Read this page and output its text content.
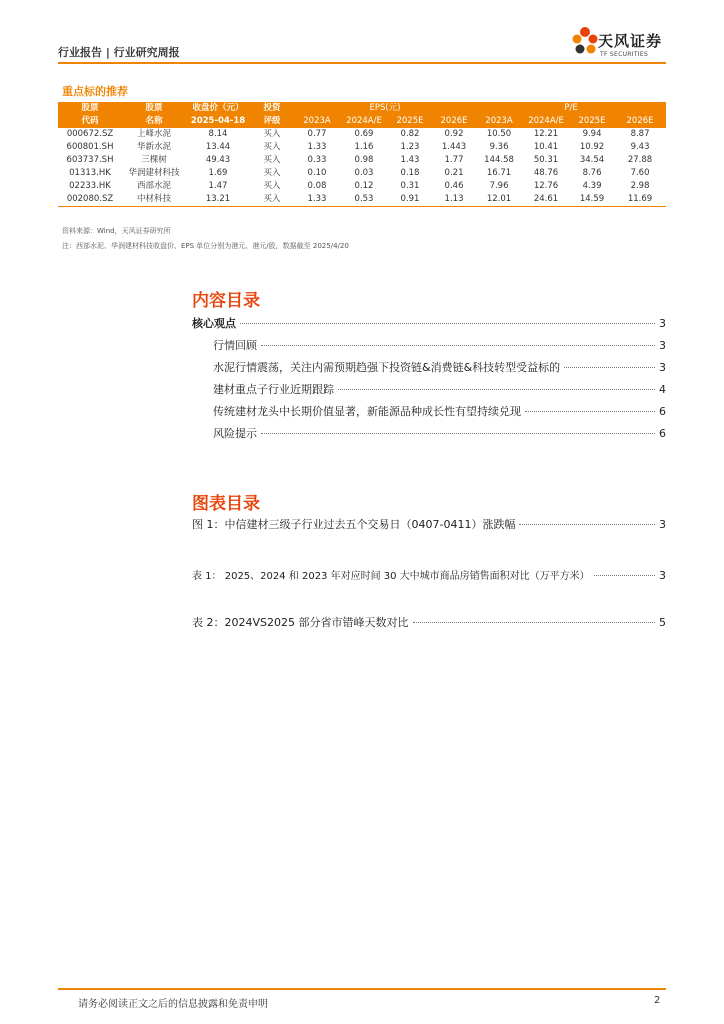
行业报告 | 行业研究周报
天风证券
TF SECURITIES
重点标的推荐
股票	股票	收盘价（元）	投资	EPS(元)				P/E			
代码	名称	2025-04-18	评级	2023A	2024A/E	2025E	2026E	2023A	2024A/E	2025E	2026E
000672.SZ	上峰水泥	8.14	买入	0.77	0.69	0.82	0.92	10.50	12.21	9.94	8.87
600801.SH	华新水泥	13.44	买入	1.33	1.16	1.23	1.443	9.36	10.41	10.92	9.43
603737.SH	三棵树	49.43	买入	0.33	0.98	1.43	1.77	144.58	50.31	34.54	27.88
01313.HK	华润建材科技	1.69	买入	0.10	0.03	0.18	0.21	16.71	48.76	8.76	7.60
02233.HK	西部水泥	1.47	买入	0.08	0.12	0.31	0.46	7.96	12.76	4.39	2.98
002080.SZ	中材科技	13.21	买入	1.33	0.53	0.91	1.13	12.01	24.61	14.59	11.69
资料来源：Wind，天风证券研究所
注：西部水泥、华润建材科技收盘价、EPS 单位分别为港元、港元/股，数据截至 2025/4/20
内容目录
核心观点	3
行情回顾	3
水泥行情震荡，关注内需预期趋强下投资链&消费链&科技转型受益标的	3
建材重点子行业近期跟踪	4
传统建材龙头中长期价值显著，新能源品种成长性有望持续兑现	6
风险提示	6
图表目录
图 1：中信建材三级子行业过去五个交易日（0407-0411）涨跌幅	3
表 1： 2025、2024 和 2023 年对应时间 30 大中城市商品房销售面积对比（万平方米）	3
表 2：2024VS2025 部分省市错峰天数对比	5
请务必阅读正文之后的信息披露和免责申明	2
